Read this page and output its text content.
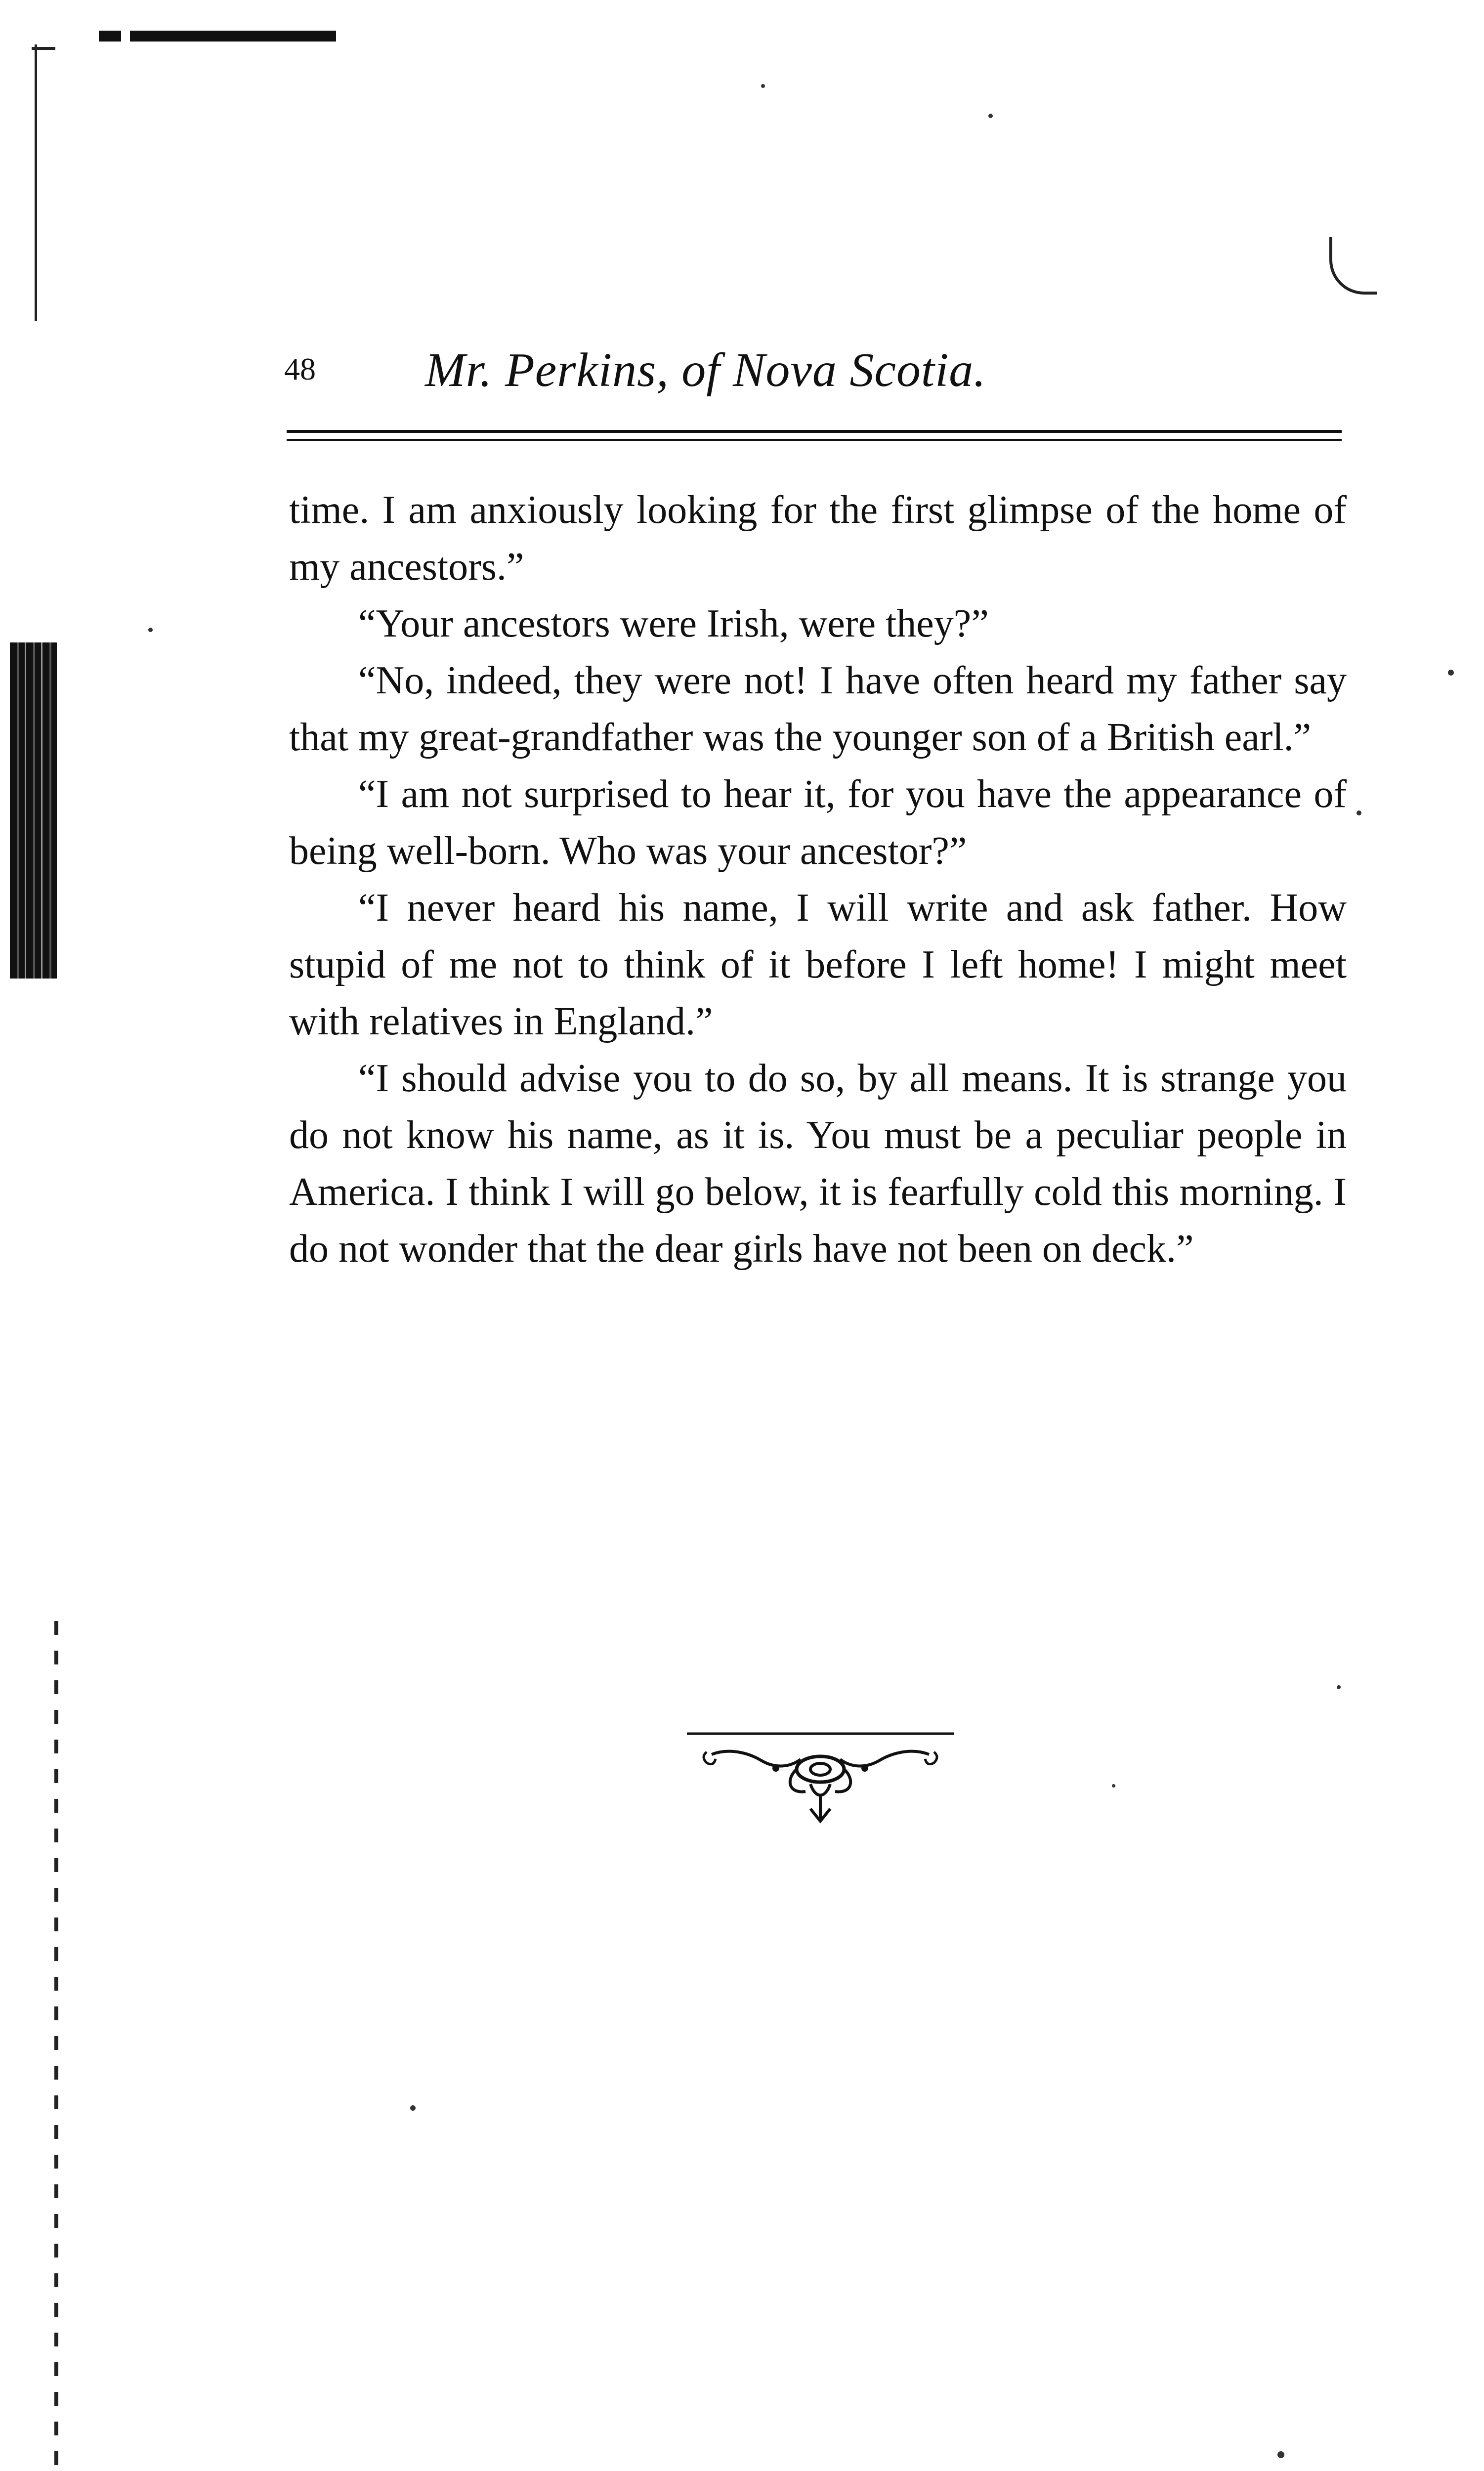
48 Mr. Perkins, of Nova Scotia.

time. I am anxiously looking for the first glimpse of the home of my ancestors.”

“Your ancestors were Irish, were they?”

“No, indeed, they were not! I have often heard my father say that my great-grandfather was the younger son of a British earl.”

“I am not surprised to hear it, for you have the appearance of being well-born. Who was your ancestor?”

“I never heard his name, I will write and ask father. How stupid of me not to think of it before I left home! I might meet with relatives in England.”

“I should advise you to do so, by all means. It is strange you do not know his name, as it is. You must be a peculiar people in America. I think I will go below, it is fearfully cold this morning. I do not wonder that the dear girls have not been on deck.”
